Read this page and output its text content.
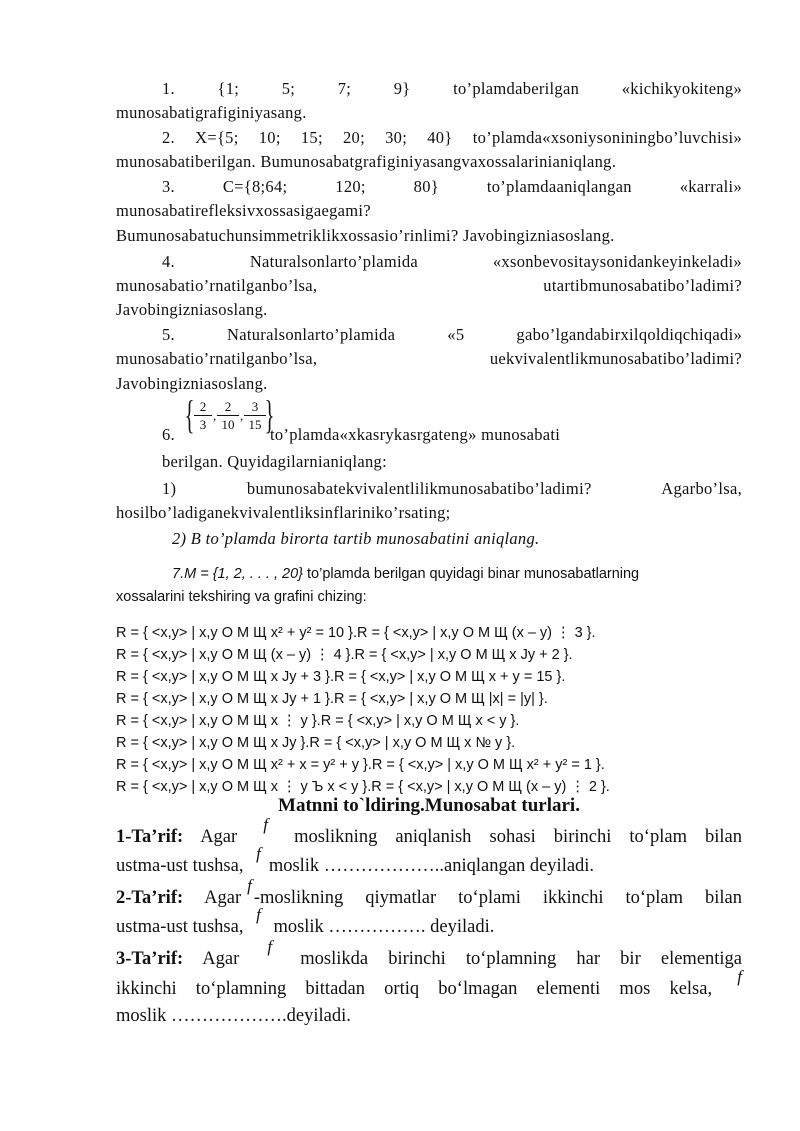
1. {1; 5; 7; 9} to’plamdaberilgan «kichikyokiteng»
munosabatigrafiginiyasang.
2. X={5; 10; 15; 20; 30; 40} to’plamda«xsoniysoniningbo’luvchisi»
munosabatiberilgan. Bumunosabatgrafiginiyasangvaxossalarinianiqlang.
3. C={8;64; 120; 80} to’plamdaaniqlangan «karrali»
munosabatirefleksivxossasigaegami?
Bumunosabatuchunsimmetriklikxossasio’rinlimi? Javobingizniasoslang.
4. Naturalsonlarto’plamida «xsonbevositaysonidankeyinkeladi»
munosabatio’rnatilganbo’lsa, utartibmunosabatibo’ladimi?
Javobingizniasoslang.
5. Naturalsonlarto’plamida «5 gabo’lgandabirxilqoldiqchiqadi»
munosabatio’rnatilganbo’lsa, uekvivalentlikmunosabatibo’ladimi?
Javobingizniasoslang.
6. { $\frac{2}{3}$ , $\frac{2}{10}$ , $\frac{3}{15}$
}
to’plamda«xkasrykasrgateng» munosabati
berilgan. Quyidagilarnianiqlang:
1) bumunosabatekvivalentlilikmunosabatibo’ladimi? Agarbo’lsa,
hosilbo’ladiganekvivalentliksinflariniko’rsating;
2) B to’plamda birorta tartib munosabatini aniqlang.
7.M = {1, 2, . . . , 20} to’plamda berilgan quyidagi binar munosabatlarning
xossalarini tekshiring va grafini chizing:
R = { <x,y> | x,y О M Щ x² + y² = 10 }.R = { <x,y> | x,y О M Щ (x – y) ⋮ 3 }.
R = { <x,y> | x,y О M Щ (x – y) ⋮ 4 }.R = { <x,y> | x,y О M Щ x Јy + 2 }.
R = { <x,y> | x,y О M Щ x Јy + 3 }.R = { <x,y> | x,y О M Щ x + y = 15 }.
R = { <x,y> | x,y О M Щ x Јy + 1 }.R = { <x,y> | x,y О M Щ |x| = |y| }.
R = { <x,y> | x,y О M Щ x ⋮ y }.R = { <x,y> | x,y О M Щ x < y }.
R = { <x,y> | x,y О M Щ x Јy }.R = { <x,y> | x,y О M Щ x № y }.
R = { <x,y> | x,y О M Щ x² + x = y² + y }.R = { <x,y> | x,y О M Щ x² + y² = 1 }.
R = { <x,y> | x,y О M Щ x ⋮ y Ъ x < y }.R = { <x,y> | x,y О M Щ (x – y) ⋮ 2 }.
Matnni to`ldiring.Munosabat turlari.
1-Ta’rif: Agar f moslikning aniqlanish sohasi birinchi to‘plam bilan
ustma-ust tushsa, fmoslik ………………..aniqlangan deyiladi.
2-Ta’rif: Agarf-moslikning qiymatlar to‘plami ikkinchi to‘plam bilan
ustma-ust tushsa, f moslik ……………. deyiladi.
3-Ta’rif: Agar f moslikda birinchi to‘plamning har bir elementiga
ikkinchi to‘plamning bittadan ortiq bo‘lmagan elementi mos kelsa, f
moslik ……………….deyiladi.
